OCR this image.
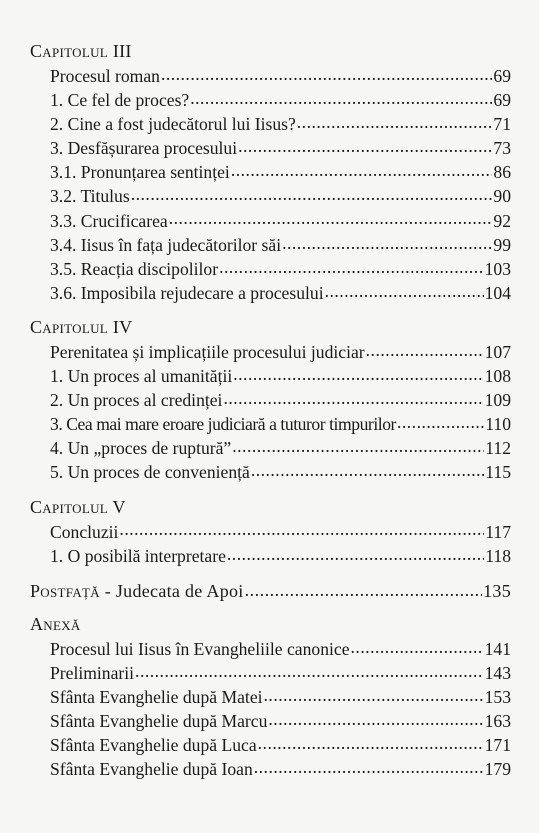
Capitolul III
Procesul roman .....	69
1. Ce fel de proces? .....	69
2. Cine a fost judecătorul lui Iisus? .....	71
3. Desfășurarea procesului .....	73
3.1. Pronunțarea sentinței .....	86
3.2. Titulus .....	90
3.3. Crucificarea .....	92
3.4. Iisus în fața judecătorilor săi .....	99
3.5. Reacția discipolilor .....	103
3.6. Imposibila rejudecare a procesului .....	104
Capitolul IV
Perenitatea și implicațiile procesului judiciar .....	107
1. Un proces al umanității .....	108
2. Un proces al credinței .....	109
3. Cea mai mare eroare judiciară a tuturor timpurilor .....	110
4. Un „proces de ruptură” .....	112
5. Un proces de conveniență .....	115
Capitolul V
Concluzii .....	117
1. O posibilă interpretare .....	118
Postfață - Judecata de Apoi .....	135
Anexă
Procesul lui Iisus în Evangheliile canonice .....	141
Preliminarii .....	143
Sfânta Evanghelie după Matei .....	153
Sfânta Evanghelie după Marcu .....	163
Sfânta Evanghelie după Luca .....	171
Sfânta Evanghelie după Ioan .....	179
